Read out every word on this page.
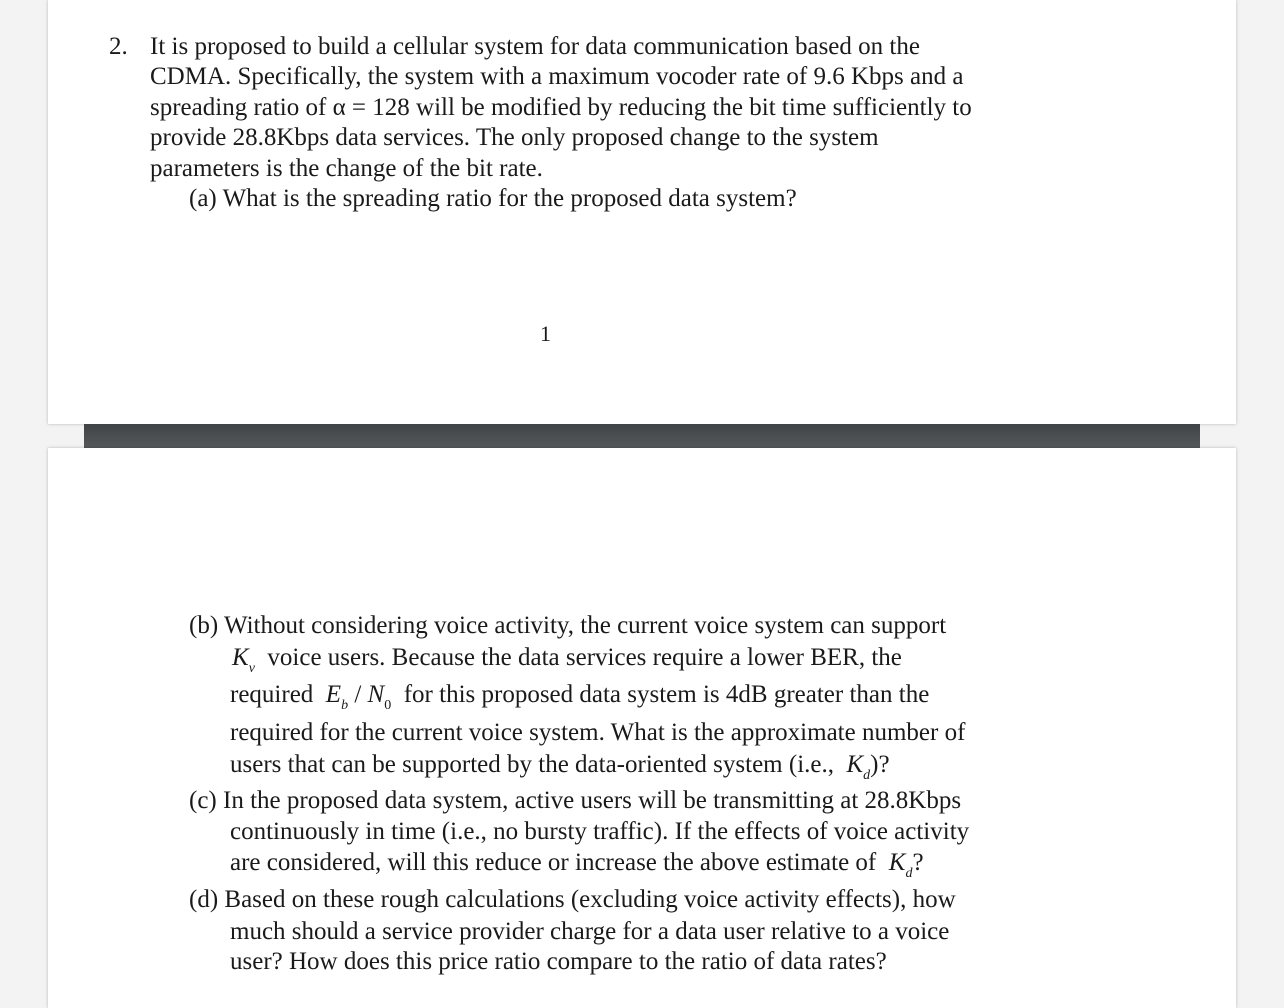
2. It is proposed to build a cellular system for data communication based on the
CDMA. Specifically, the system with a maximum vocoder rate of 9.6 Kbps and a
spreading ratio of α = 128 will be modified by reducing the bit time sufficiently to
provide 28.8Kbps data services. The only proposed change to the system
parameters is the change of the bit rate.
(a) What is the spreading ratio for the proposed data system?
1
(b) Without considering voice activity, the current voice system can support
$K_v$ voice users. Because the data services require a lower BER, the
required $E_b / N_0$ for this proposed data system is 4dB greater than the
required for the current voice system. What is the approximate number of
users that can be supported by the data-oriented system (i.e., $K_d$)?
(c) In the proposed data system, active users will be transmitting at 28.8Kbps
continuously in time (i.e., no bursty traffic). If the effects of voice activity
are considered, will this reduce or increase the above estimate of $K_d$?
(d) Based on these rough calculations (excluding voice activity effects), how
much should a service provider charge for a data user relative to a voice
user? How does this price ratio compare to the ratio of data rates?
